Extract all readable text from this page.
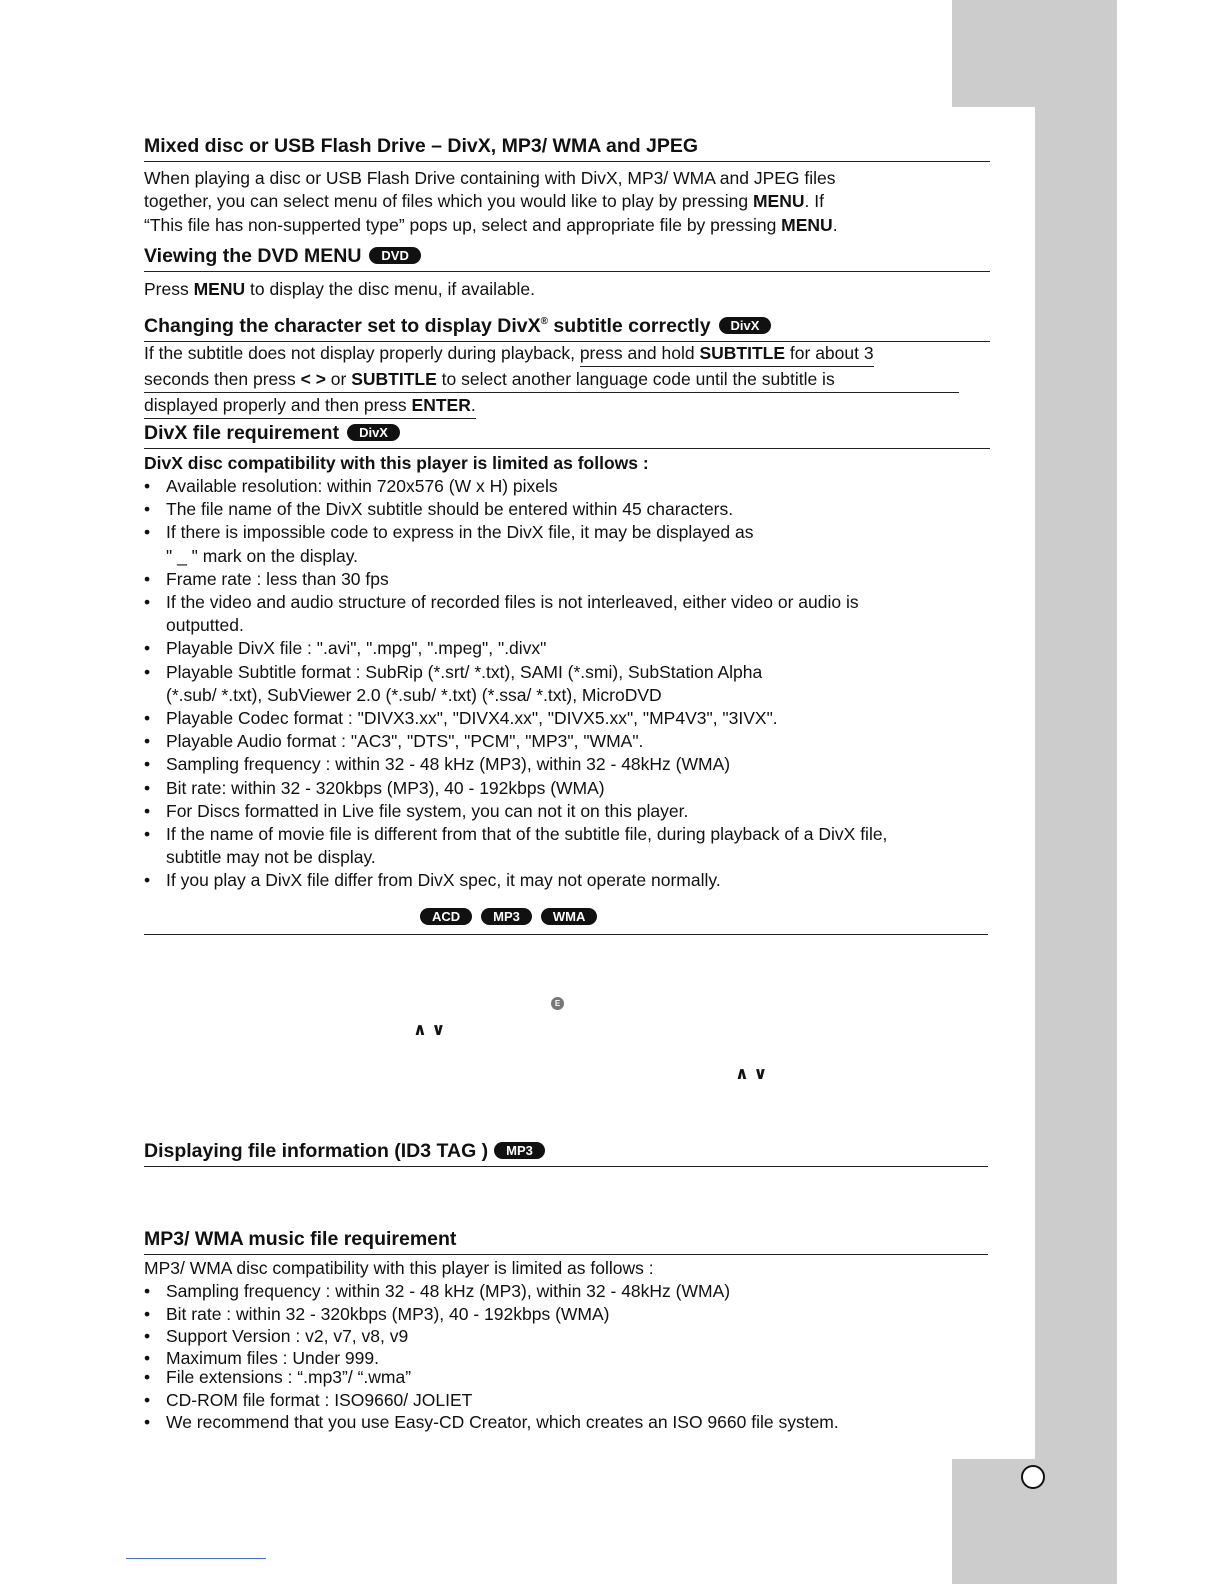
Mixed disc or USB Flash Drive – DivX, MP3/ WMA and JPEG
When playing a disc or USB Flash Drive containing with DivX, MP3/ WMA and JPEG files
together, you can select menu of files which you would like to play by pressing MENU. If
“This file has non-supperted type” pops up, select and appropriate file by pressing MENU.
Viewing the DVD MENU DVD
Press MENU to display the disc menu, if available.
Changing the character set to display DivX® subtitle correctly DivX
If the subtitle does not display properly during playback, press and hold SUBTITLE for about 3
seconds then press < > or SUBTITLE to select another language code until the subtitle is
displayed properly and then press ENTER.
DivX file requirement DivX
DivX disc compatibility with this player is limited as follows :
• Available resolution: within 720x576 (W x H) pixels
• The file name of the DivX subtitle should be entered within 45 characters.
• If there is impossible code to express in the DivX file, it may be displayed as
" _ " mark on the display.
• Frame rate : less than 30 fps
• If the video and audio structure of recorded files is not interleaved, either video or audio is
outputted.
• Playable DivX file : ".avi", ".mpg", ".mpeg", ".divx"
• Playable Subtitle format : SubRip (*.srt/ *.txt), SAMI (*.smi), SubStation Alpha
(*.sub/ *.txt), SubViewer 2.0 (*.sub/ *.txt) (*.ssa/ *.txt), MicroDVD
• Playable Codec format : "DIVX3.xx", "DIVX4.xx", "DIVX5.xx", "MP4V3", "3IVX".
• Playable Audio format : "AC3", "DTS", "PCM", "MP3", "WMA".
• Sampling frequency : within 32 - 48 kHz (MP3), within 32 - 48kHz (WMA)
• Bit rate: within 32 - 320kbps (MP3), 40 - 192kbps (WMA)
• For Discs formatted in Live file system, you can not it on this player.
• If the name of movie file is different from that of the subtitle file, during playback of a DivX file,
subtitle may not be display.
• If you play a DivX file differ from DivX spec, it may not operate normally.
ACD	MP3	WMA
E
∧ ∨
∧ ∨
Displaying file information (ID3 TAG ) MP3
MP3/ WMA music file requirement
MP3/ WMA disc compatibility with this player is limited as follows :
• Sampling frequency : within 32 - 48 kHz (MP3), within 32 - 48kHz (WMA)
• Bit rate : within 32 - 320kbps (MP3), 40 - 192kbps (WMA)
• Support Version : v2, v7, v8, v9
• Maximum files : Under 999.
• File extensions : “.mp3”/ “.wma”
• CD-ROM file format : ISO9660/ JOLIET
• We recommend that you use Easy-CD Creator, which creates an ISO 9660 file system.
